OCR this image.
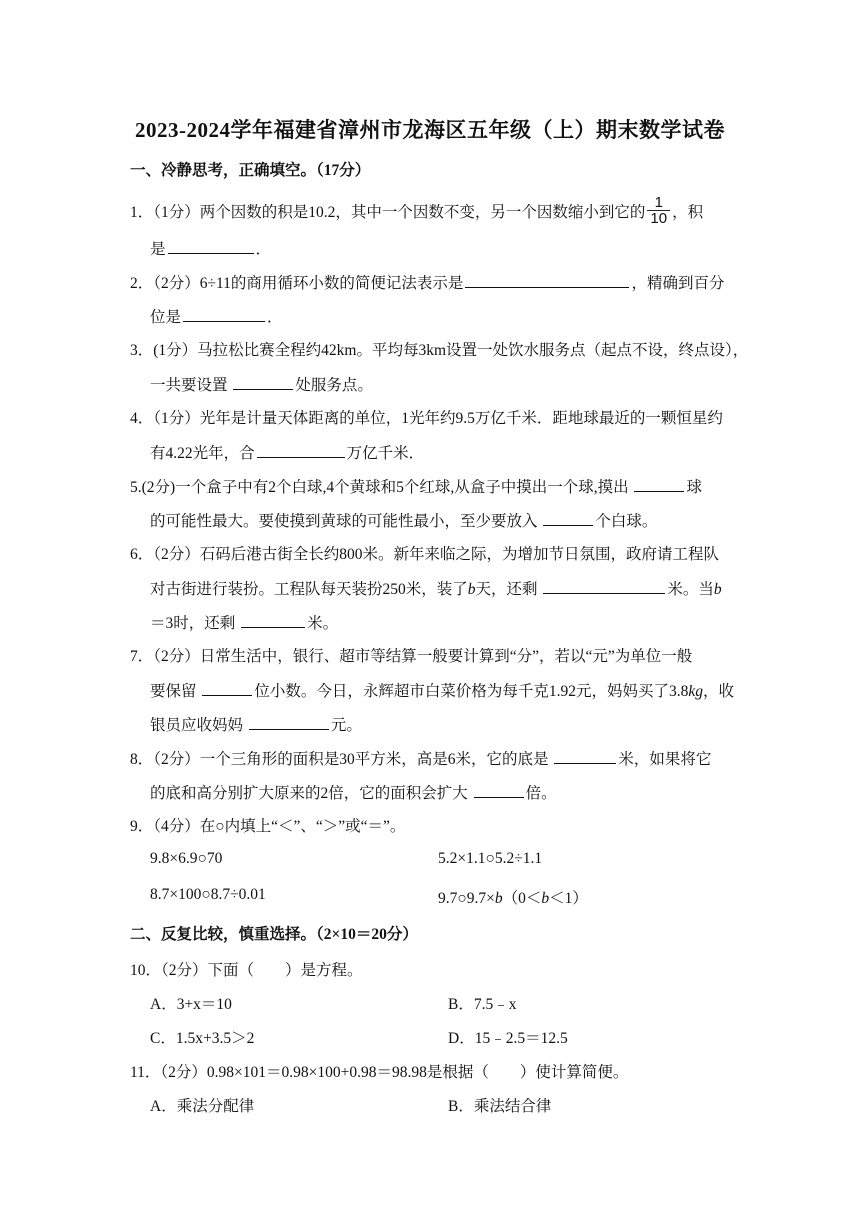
2023-2024学年福建省漳州市龙海区五年级（上）期末数学试卷
一、冷静思考，正确填空。（17分）
1．（1分）两个因数的积是10.2，其中一个因数不变，另一个因数缩小到它的 $\frac{1}{10}$ ，积
是	．
2．（2分）6÷11的商用循环小数的简便记法表示是	，精确到百分
位是	．
3．(1分）马拉松比赛全程约42km。平均每3km设置一处饮水服务点（起点不设，终点设），
一共要设置	处服务点。
4．（1分）光年是计量天体距离的单位，1光年约9.5万亿千米．距地球最近的一颗恒星约
有4.22光年，合	万亿千米．
5.(2分)一个盒子中有2个白球,4个黄球和5个红球,从盒子中摸出一个球,摸出	球
的可能性最大。要使摸到黄球的可能性最小，至少要放入	个白球。
6．（2分）石码后港古街全长约800米。新年来临之际，为增加节日氛围，政府请工程队
对古街进行装扮。工程队每天装扮250米，装了b天，还剩	米。当b
＝3时，还剩	米。
7．（2分）日常生活中，银行、超市等结算一般要计算到“分”，若以“元”为单位一般
要保留	位小数。今日，永辉超市白菜价格为每千克1.92元，妈妈买了3.8kg，收
银员应收妈妈	元。
8．（2分）一个三角形的面积是30平方米，高是6米，它的底是	米，如果将它
的底和高分别扩大原来的2倍，它的面积会扩大	倍。
9．（4分）在○内填上“＜”、“＞”或“＝”。
9.8×6.9○70	5.2×1.1○5.2÷1.1
8.7×100○8.7÷0.01	9.7○9.7×b（0＜b＜1）
二、反复比较，慎重选择。（2×10＝20分）
10．（2分）下面（　　）是方程。
A．3+x＝10	B．7.5﹣x
C．1.5x+3.5＞2	D．15﹣2.5＝12.5
11．（2分）0.98×101＝0.98×100+0.98＝98.98是根据（　　）使计算简便。
A．乘法分配律	B．乘法结合律
